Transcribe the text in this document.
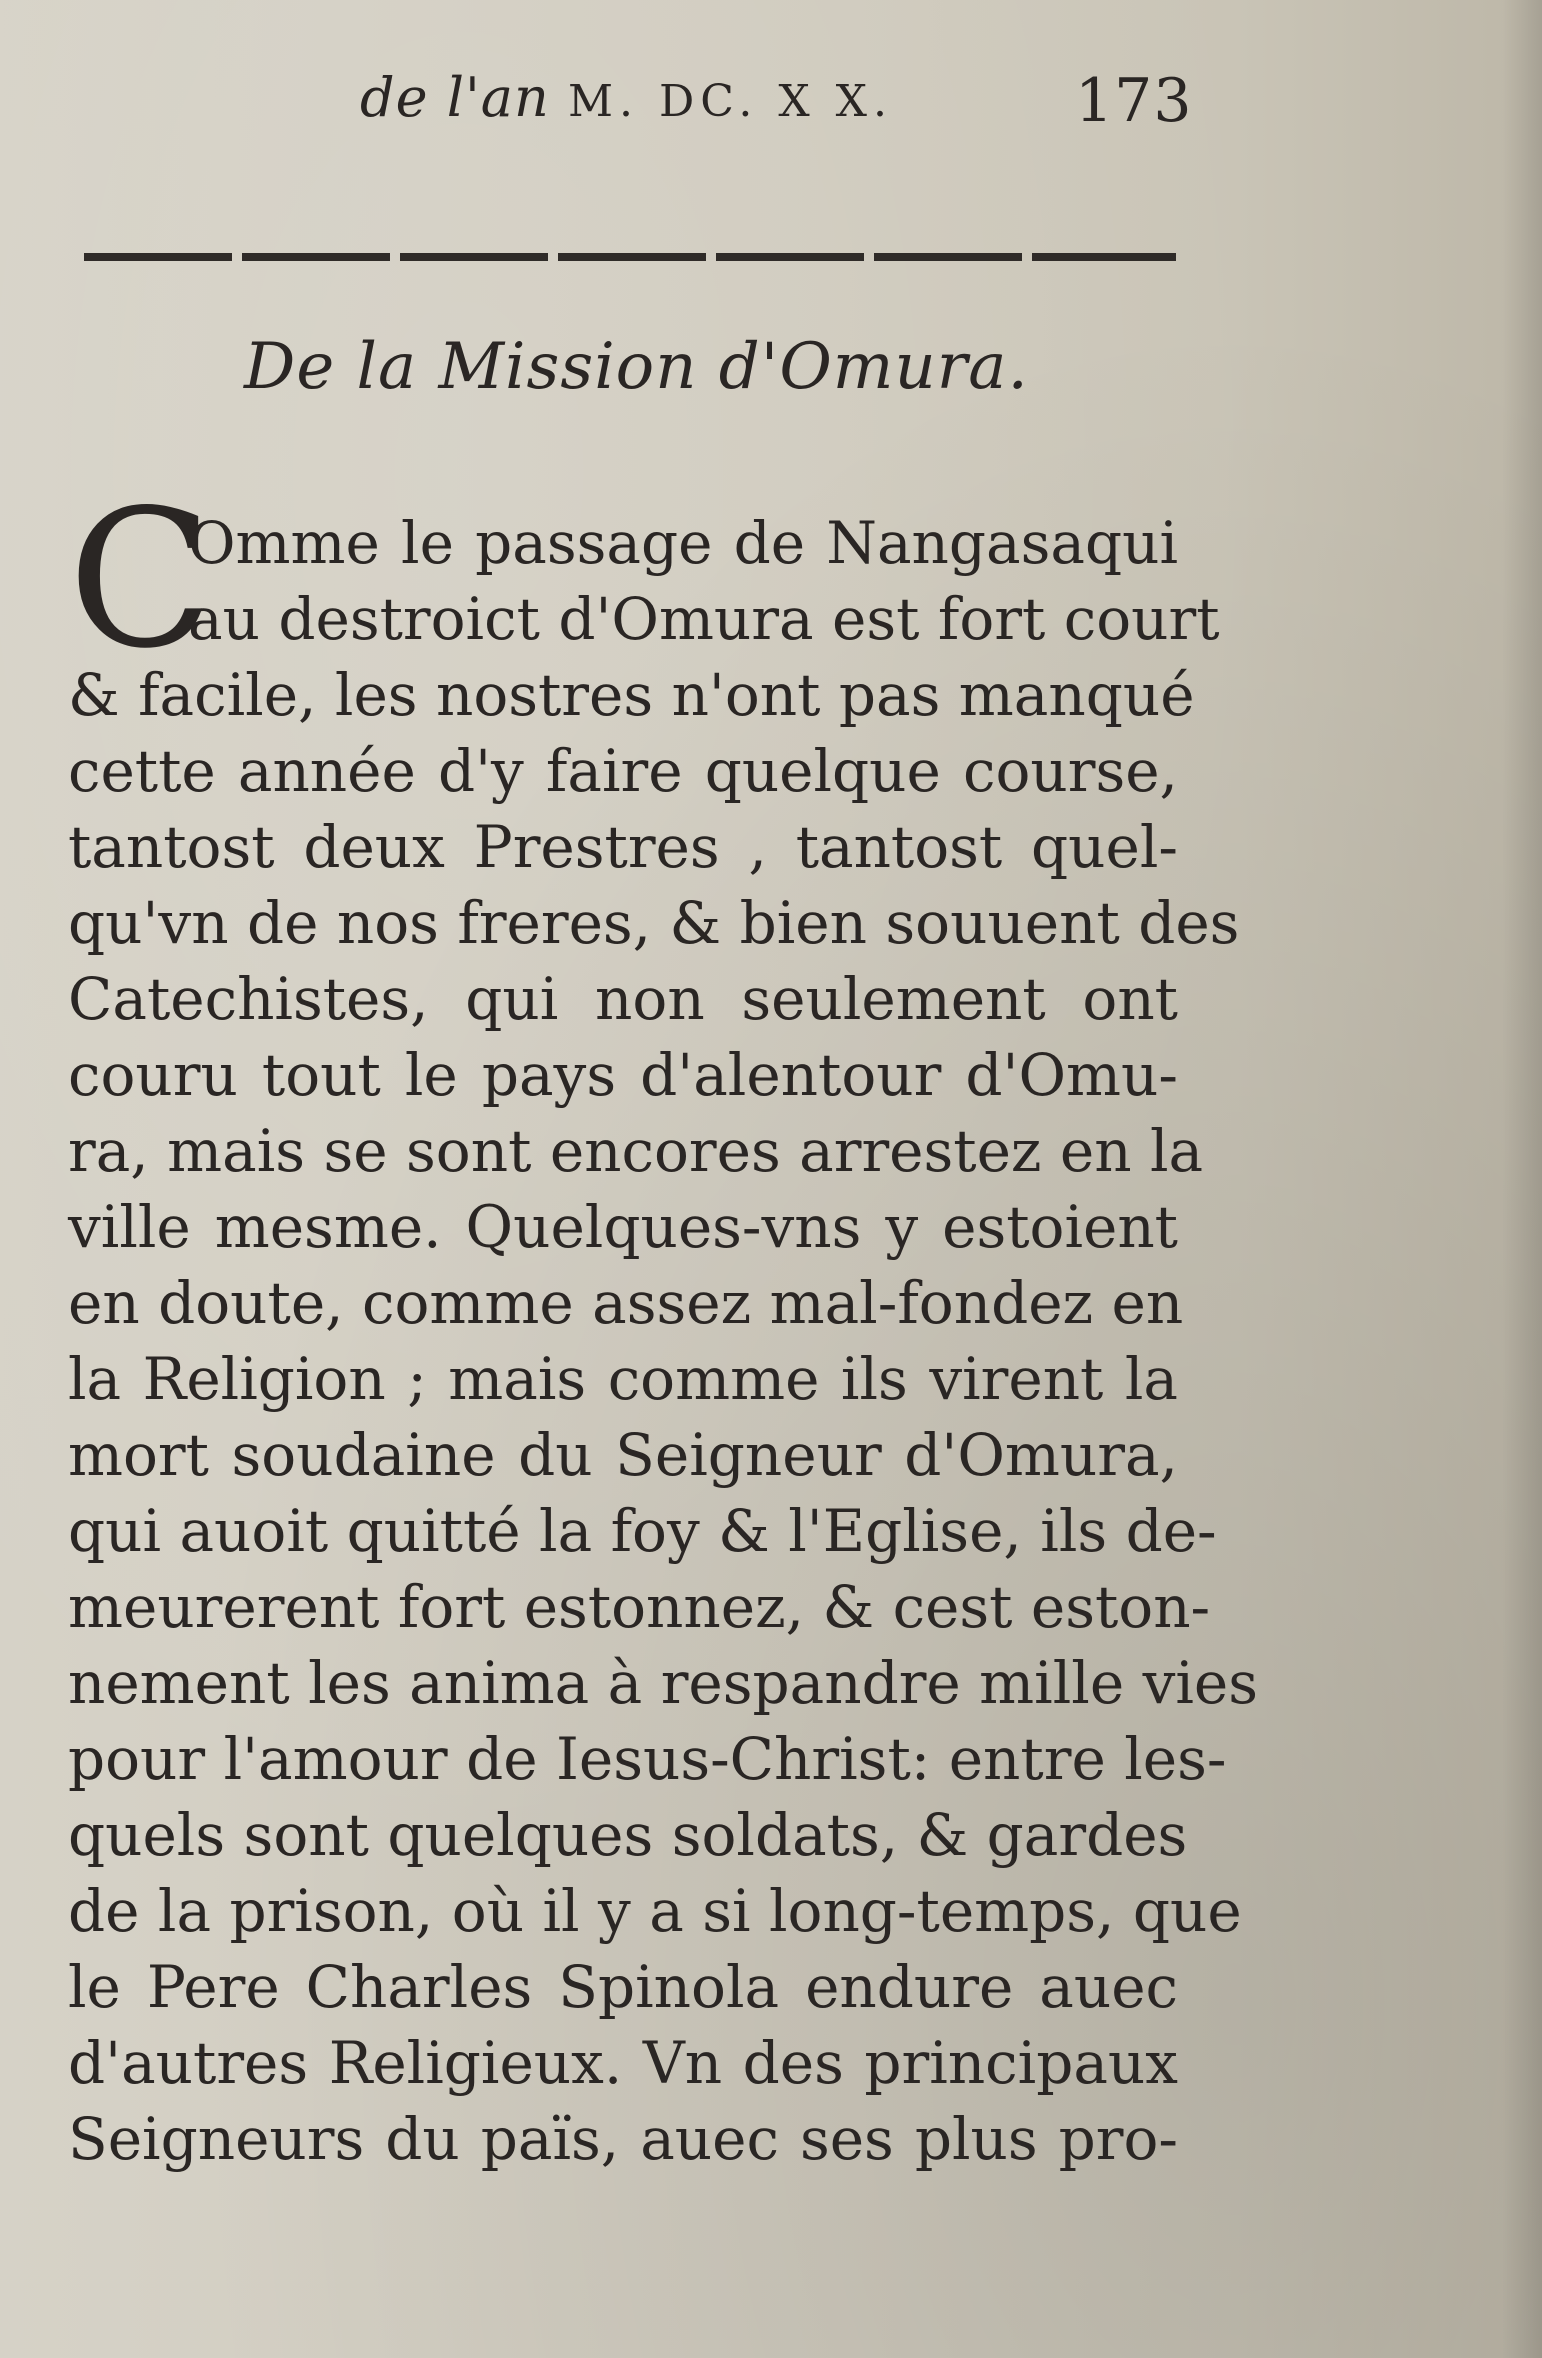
de l'an M. DC. X X.	173
De la Mission d'Omura.
C
Omme le passage de Nangasaqui
au destroict d'Omura est fort court
& facile, les nostres n'ont pas manqué
cette année d'y faire quelque course,
tantost deux Prestres , tantost quel-
qu'vn de nos freres, & bien souuent des
Catechistes, qui non seulement ont
couru tout le pays d'alentour d'Omu-
ra, mais se sont encores arrestez en la
ville mesme. Quelques-vns y estoient
en doute, comme assez mal-fondez en
la Religion ; mais comme ils virent la
mort soudaine du Seigneur d'Omura,
qui auoit quitté la foy & l'Eglise, ils de-
meurerent fort estonnez, & cest eston-
nement les anima à respandre mille vies
pour l'amour de Iesus-Christ: entre les-
quels sont quelques soldats, & gardes
de la prison, où il y a si long-temps, que
le Pere Charles Spinola endure auec
d'autres Religieux. Vn des principaux
Seigneurs du païs, auec ses plus pro-
